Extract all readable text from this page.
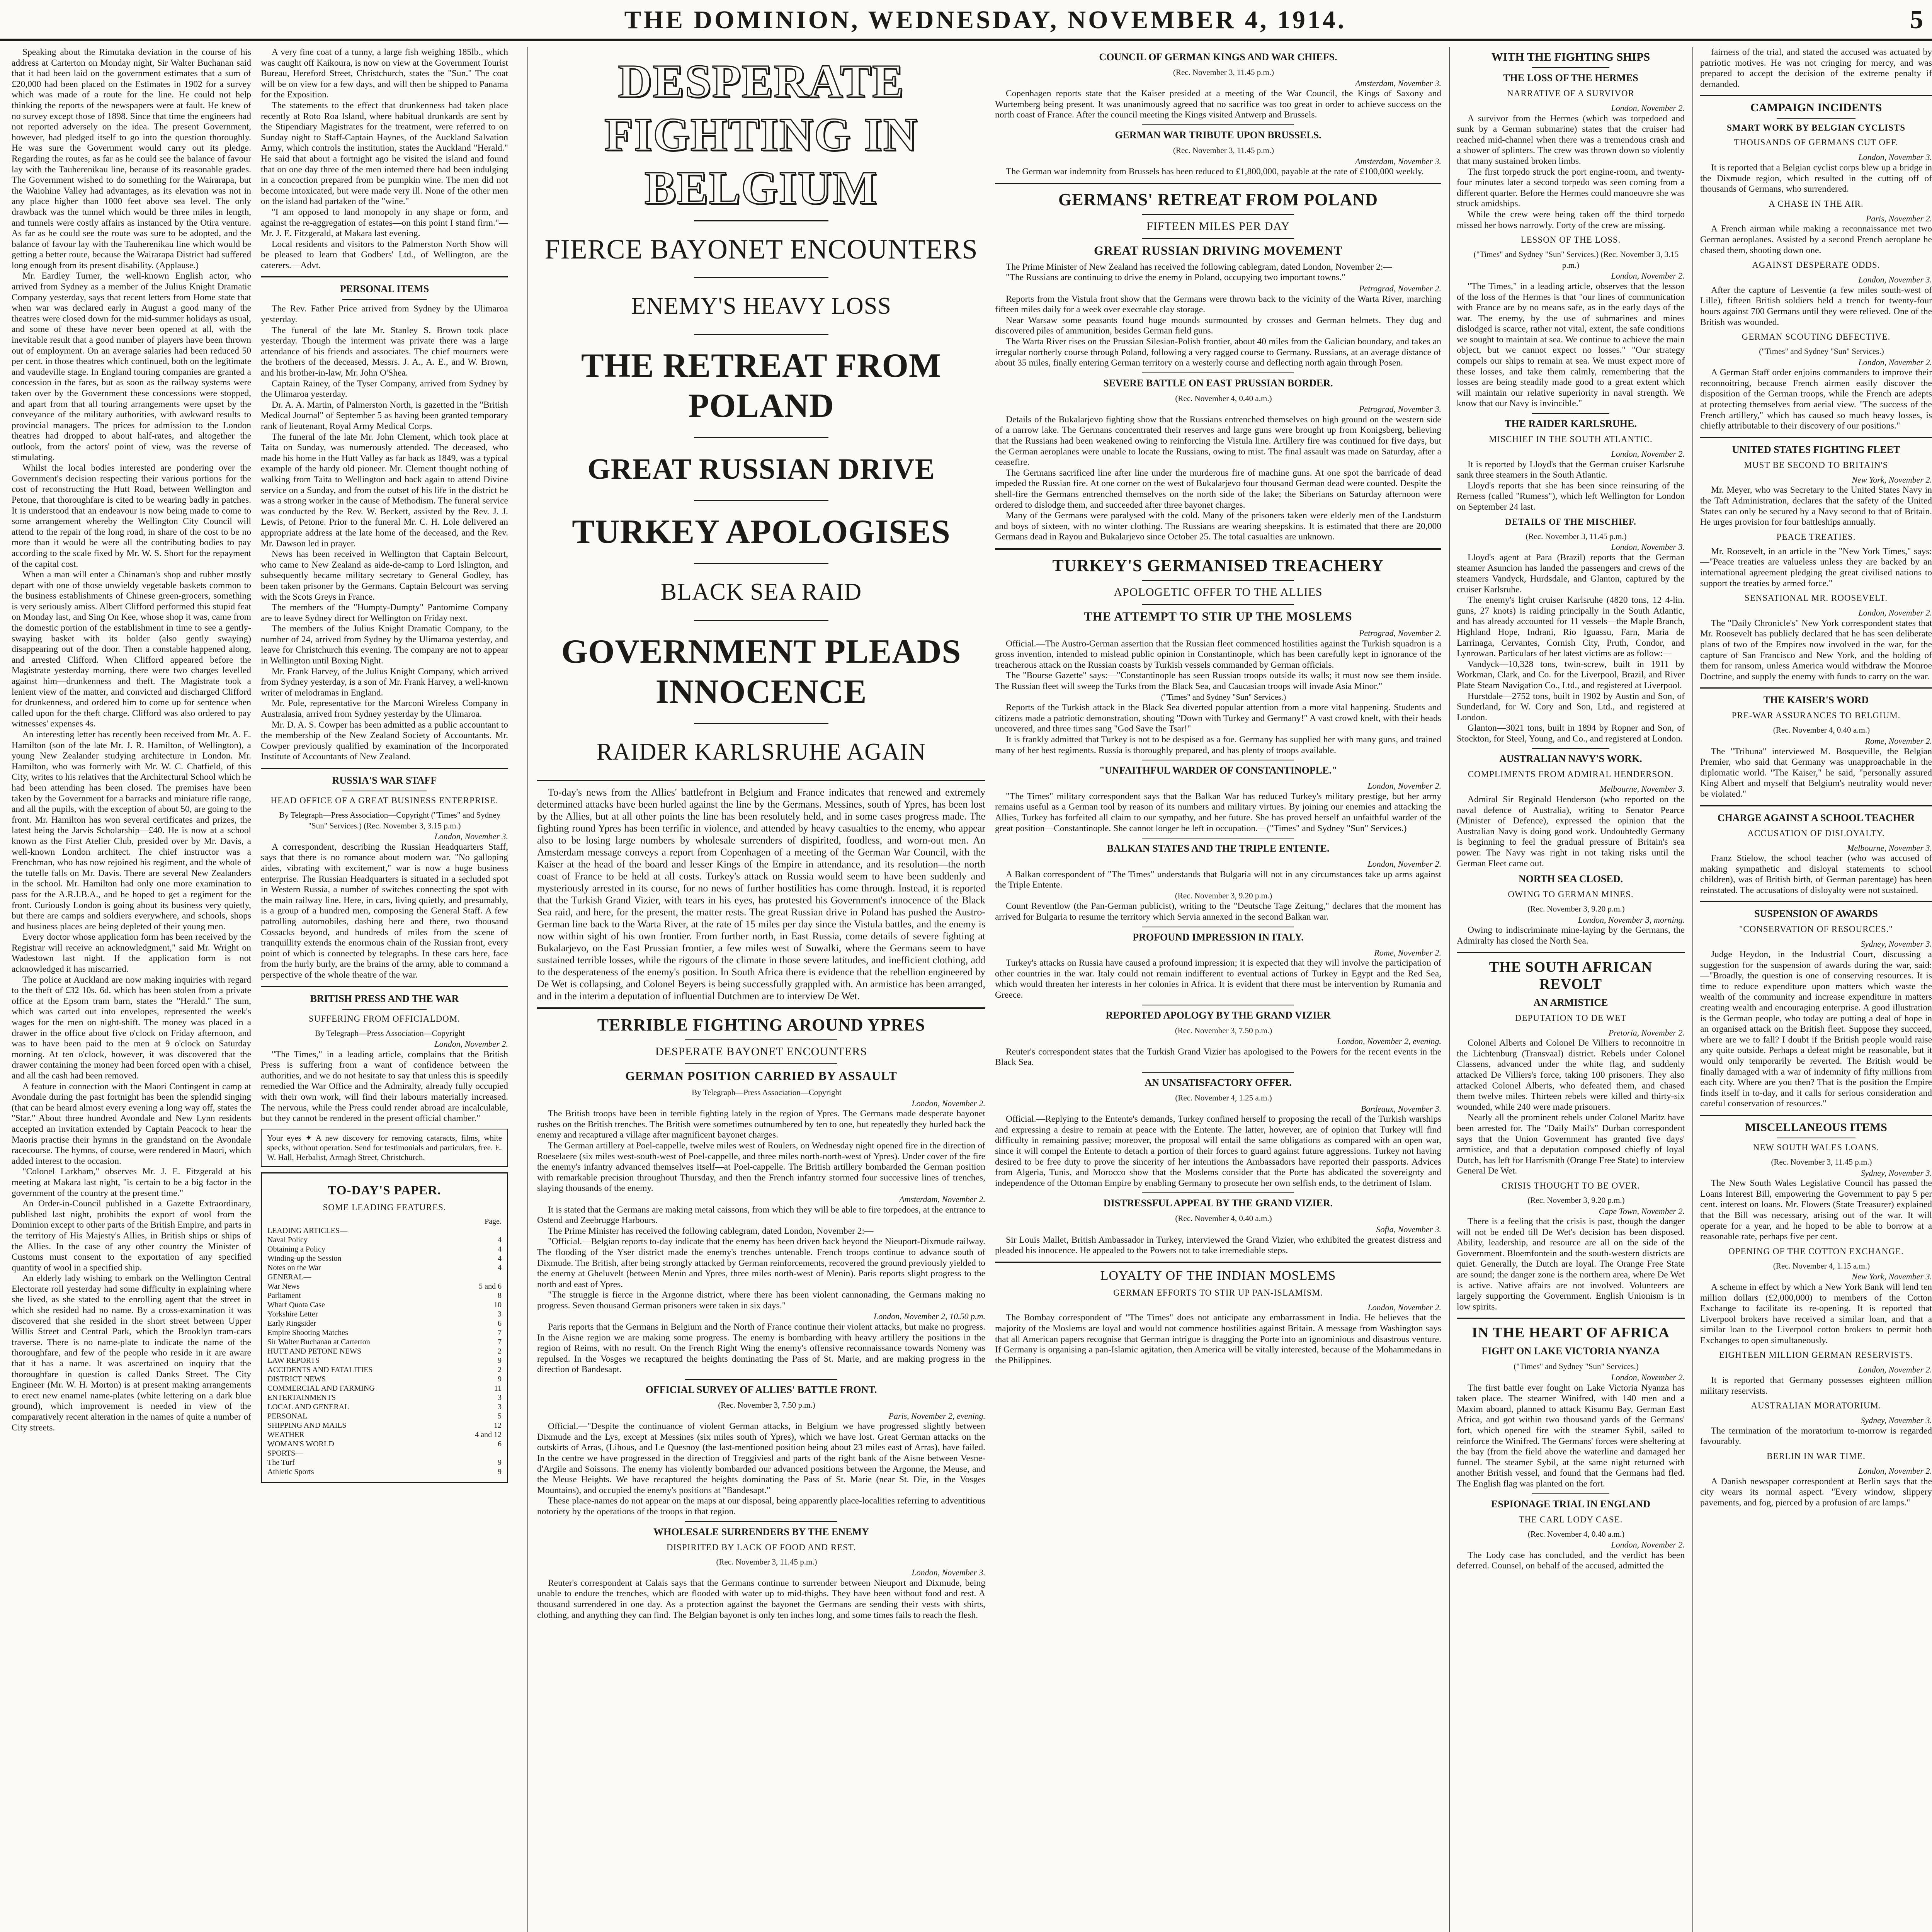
THE DOMINION, WEDNESDAY, NOVEMBER 4, 1914.	5

Speaking about the Rimutaka deviation in the course of his address at Carterton on Monday night, Sir Walter Buchanan said that it had been laid on the government estimates that a sum of £20,000 had been placed on the Estimates in 1902 for a survey which was made of a route for the line. He could not help thinking the reports of the newspapers were at fault. He knew of no survey except those of 1898. Since that time the engineers had not reported adversely on the idea. The present Government, however, had pledged itself to go into the question thoroughly. He was sure the Government would carry out its pledge. Regarding the routes, as far as he could see the balance of favour lay with the Tauherenikau line, because of its reasonable grades. The Government wished to do something for the Wairarapa, but the Waiohine Valley had advantages, as its elevation was not in any place higher than 1000 feet above sea level. The only drawback was the tunnel which would be three miles in length, and tunnels were costly affairs as instanced by the Otira venture. As far as he could see the route was sure to be adopted, and the balance of favour lay with the Tauherenikau line which would be getting a better route, because the Wairarapa District had suffered long enough from its present disability. (Applause.)

Mr. Eardley Turner, the well-known English actor, who arrived from Sydney as a member of the Julius Knight Dramatic Company yesterday, says that recent letters from Home state that when war was declared early in August a good many of the theatres were closed down for the mid-summer holidays as usual, and some of these have never been opened at all, with the inevitable result that a good number of players have been thrown out of employment. On an average salaries had been reduced 50 per cent. in those theatres which continued, both on the legitimate and vaudeville stage. In England touring companies are granted a concession in the fares, but as soon as the railway systems were taken over by the Government these concessions were stopped, and apart from that all touring arrangements were upset by the conveyance of the military authorities, with awkward results to provincial managers. The prices for admission to the London theatres had dropped to about half-rates, and altogether the outlook, from the actors' point of view, was the reverse of stimulating.

Whilst the local bodies interested are pondering over the Government's decision respecting their various portions for the cost of reconstructing the Hutt Road, between Wellington and Petone, that thoroughfare is cited to be wearing badly in patches. It is understood that an endeavour is now being made to come to some arrangement whereby the Wellington City Council will attend to the repair of the long road, in share of the cost to be no more than it would be were all the contributing bodies to pay according to the scale fixed by Mr. W. S. Short for the repayment of the capital cost.

When a man will enter a Chinaman's shop and rubber mostly depart with one of those unwieldy vegetable baskets common to the business establishments of Chinese green-grocers, something is very seriously amiss. Albert Clifford performed this stupid feat on Monday last, and Sing On Kee, whose shop it was, came from the domestic portion of the establishment in time to see a gently-swaying basket with its holder (also gently swaying) disappearing out of the door. Then a constable happened along, and arrested Clifford. When Clifford appeared before the Magistrate yesterday morning, there were two charges levelled against him—drunkenness and theft. The Magistrate took a lenient view of the matter, and convicted and discharged Clifford for drunkenness, and ordered him to come up for sentence when called upon for the theft charge. Clifford was also ordered to pay witnesses' expenses 4s.

An interesting letter has recently been received from Mr. A. E. Hamilton (son of the late Mr. J. R. Hamilton, of Wellington), a young New Zealander studying architecture in London. Mr. Hamilton, who was formerly with Mr. W. C. Chatfield, of this City, writes to his relatives that the Architectural School which he had been attending has been closed. The premises have been taken by the Government for a barracks and miniature rifle range, and all the pupils, with the exception of about 50, are going to the front. Mr. Hamilton has won several certificates and prizes, the latest being the Jarvis Scholarship—£40. He is now at a school known as the First Atelier Club, presided over by Mr. Davis, a well-known London architect. The chief instructor was a Frenchman, who has now rejoined his regiment, and the whole of the tutelle falls on Mr. Davis. There are several New Zealanders in the school. Mr. Hamilton had only one more examination to pass for the A.R.I.B.A., and he hoped to get a regiment for the front. Curiously London is going about its business very quietly, but there are camps and soldiers everywhere, and schools, shops and business places are being depleted of their young men.

Every doctor whose application form has been received by the Registrar will receive an acknowledgment," said Mr. Wright on Wadestown last night. If the application form is not acknowledged it has miscarried.

The police at Auckland are now making inquiries with regard to the theft of £32 10s. 6d. which has been stolen from a private office at the Epsom tram barn, states the "Herald." The sum, which was carted out into envelopes, represented the week's wages for the men on night-shift. The money was placed in a drawer in the office about five o'clock on Friday afternoon, and was to have been paid to the men at 9 o'clock on Saturday morning. At ten o'clock, however, it was discovered that the drawer containing the money had been forced open with a chisel, and all the cash had been removed.

A feature in connection with the Maori Contingent in camp at Avondale during the past fortnight has been the splendid singing (that can be heard almost every evening a long way off, states the "Star." About three hundred Avondale and New Lynn residents accepted an invitation extended by Captain Peacock to hear the Maoris practise their hymns in the grandstand on the Avondale racecourse. The hymns, of course, were rendered in Maori, which added interest to the occasion.

"Colonel Larkham," observes Mr. J. E. Fitzgerald at his meeting at Makara last night, "is certain to be a big factor in the government of the country at the present time."

An Order-in-Council published in a Gazette Extraordinary, published last night, prohibits the export of wool from the Dominion except to other parts of the British Empire, and parts in the territory of His Majesty's Allies, in British ships or ships of the Allies. In the case of any other country the Minister of Customs must consent to the exportation of any specified quantity of wool in a specified ship.

An elderly lady wishing to embark on the Wellington Central Electorate roll yesterday had some difficulty in explaining where she lived, as she stated to the enrolling agent that the street in which she resided had no name. By a cross-examination it was discovered that she resided in the short street between Upper Willis Street and Central Park, which the Brooklyn tram-cars traverse. There is no name-plate to indicate the name of the thoroughfare, and few of the people who reside in it are aware that it has a name. It was ascertained on inquiry that the thoroughfare in question is called Danks Street. The City Engineer (Mr. W. H. Morton) is at present making arrangements to erect new enamel name-plates (white lettering on a dark blue ground), which improvement is needed in view of the comparatively recent alteration in the names of quite a number of City streets.

A very fine coat of a tunny, a large fish weighing 185lb., which was caught off Kaikoura, is now on view at the Government Tourist Bureau, Hereford Street, Christchurch, states the "Sun." The coat will be on view for a few days, and will then be shipped to Panama for the Exposition.

The statements to the effect that drunkenness had taken place recently at Roto Roa Island, where habitual drunkards are sent by the Stipendiary Magistrates for the treatment, were referred to on Sunday night to Staff-Captain Haynes, of the Auckland Salvation Army, which controls the institution, states the Auckland "Herald." He said that about a fortnight ago he visited the island and found that on one day three of the men interned there had been indulging in a concoction prepared from be pumpkin wine. The men did not become intoxicated, but were made very ill. None of the other men on the island had partaken of the "wine."

"I am opposed to land monopoly in any shape or form, and against the re-aggregation of estates—on this point I stand firm."—Mr. J. E. Fitzgerald, at Makara last evening.

Local residents and visitors to the Palmerston North Show will be pleased to learn that Godbers' Ltd., of Wellington, are the caterers.—Advt.

PERSONAL ITEMS

The Rev. Father Price arrived from Sydney by the Ulimaroa yesterday.

The funeral of the late Mr. Stanley S. Brown took place yesterday. Though the interment was private there was a large attendance of his friends and associates. The chief mourners were the brothers of the deceased, Messrs. J. A., A. E., and W. Brown, and his brother-in-law, Mr. John O'Shea.

Captain Rainey, of the Tyser Company, arrived from Sydney by the Ulimaroa yesterday.

Dr. A. A. Martin, of Palmerston North, is gazetted in the "British Medical Journal" of September 5 as having been granted temporary rank of lieutenant, Royal Army Medical Corps.

The funeral of the late Mr. John Clement, which took place at Taita on Sunday, was numerously attended. The deceased, who made his home in the Hutt Valley as far back as 1849, was a typical example of the hardy old pioneer. Mr. Clement thought nothing of walking from Taita to Wellington and back again to attend Divine service on a Sunday, and from the outset of his life in the district he was a strong worker in the cause of Methodism. The funeral service was conducted by the Rev. W. Beckett, assisted by the Rev. J. J. Lewis, of Petone. Prior to the funeral Mr. C. H. Lole delivered an appropriate address at the late home of the deceased, and the Rev. Mr. Dawson led in prayer.

News has been received in Wellington that Captain Belcourt, who came to New Zealand as aide-de-camp to Lord Islington, and subsequently became military secretary to General Godley, has been taken prisoner by the Germans. Captain Belcourt was serving with the Scots Greys in France.

The members of the "Humpty-Dumpty" Pantomime Company are to leave Sydney direct for Wellington on Friday next.

The members of the Julius Knight Dramatic Company, to the number of 24, arrived from Sydney by the Ulimaroa yesterday, and leave for Christchurch this evening. The company are not to appear in Wellington until Boxing Night.

Mr. Frank Harvey, of the Julius Knight Company, which arrived from Sydney yesterday, is a son of Mr. Frank Harvey, a well-known writer of melodramas in England.

Mr. Pole, representative for the Marconi Wireless Company in Australasia, arrived from Sydney yesterday by the Ulimaroa.

Mr. D. A. S. Cowper has been admitted as a public accountant to the membership of the New Zealand Society of Accountants. Mr. Cowper previously qualified by examination of the Incorporated Institute of Accountants of New Zealand.

RUSSIA'S WAR STAFF
HEAD OFFICE OF A GREAT BUSINESS ENTERPRISE.

By Telegraph—Press Association—Copyright ("Times" and Sydney "Sun" Services.) (Rec. November 3, 3.15 p.m.)

London, November 3.

A correspondent, describing the Russian Headquarters Staff, says that there is no romance about modern war. "No galloping aides, vibrating with excitement," war is now a huge business enterprise. The Russian Headquarters is situated in a secluded spot in Western Russia, a number of switches connecting the spot with the main railway line. Here, in cars, living quietly, and presumably, is a group of a hundred men, composing the General Staff. A few patrolling automobiles, dashing here and there, two thousand Cossacks beyond, and hundreds of miles from the scene of tranquillity extends the enormous chain of the Russian front, every point of which is connected by telegraphs. In these cars here, face from the hurly burly, are the brains of the army, able to command a perspective of the whole theatre of the war.

BRITISH PRESS AND THE WAR
SUFFERING FROM OFFICIALDOM.

By Telegraph—Press Association—Copyright

London, November 2.

"The Times," in a leading article, complains that the British Press is suffering from a want of confidence between the authorities, and we do not hesitate to say that unless this is speedily remedied the War Office and the Admiralty, already fully occupied with their own work, will find their labours materially increased. The nervous, while the Press could render abroad are incalculable, but they cannot be rendered in the present official chamber."

Your eyes ✦ A new discovery for removing cataracts, films, white specks, without operation. Send for testimonials and particulars, free. E. W. Hall, Herbalist, Armagh Street, Christchurch.
TO-DAY'S PAPER.
SOME LEADING FEATURES.
Page.
LEADING ARTICLES—
Naval Policy	4
Obtaining a Policy	4
Winding-up the Session	4
Notes on the War	4
GENERAL—
War News	5 and 6
Parliament	8
Wharf Quota Case	10
Yorkshire Letter	3
Early Ringsider	6
Empire Shooting Matches	7
Sir Walter Buchanan at Carterton	7
HUTT AND PETONE NEWS	2
LAW REPORTS	9
ACCIDENTS AND FATALITIES	2
DISTRICT NEWS	9
COMMERCIAL AND FARMING	11
ENTERTAINMENTS	3
LOCAL AND GENERAL	3
PERSONAL	5
SHIPPING AND MAILS	12
WEATHER	4 and 12
WOMAN'S WORLD	6
SPORTS—
The Turf	9
Athletic Sports	9
DESPERATE FIGHTING IN BELGIUM
FIERCE BAYONET ENCOUNTERS
ENEMY'S HEAVY LOSS
THE RETREAT FROM POLAND
GREAT RUSSIAN DRIVE
TURKEY APOLOGISES
BLACK SEA RAID
GOVERNMENT PLEADS INNOCENCE
RAIDER KARLSRUHE AGAIN

To-day's news from the Allies' battlefront in Belgium and France indicates that renewed and extremely determined attacks have been hurled against the line by the Germans. Messines, south of Ypres, has been lost by the Allies, but at all other points the line has been resolutely held, and in some cases progress made. The fighting round Ypres has been terrific in violence, and attended by heavy casualties to the enemy, who appear also to be losing large numbers by wholesale surrenders of dispirited, foodless, and worn-out men. An Amsterdam message conveys a report from Copenhagen of a meeting of the German War Council, with the Kaiser at the head of the board and lesser Kings of the Empire in attendance, and its resolution—the north coast of France to be held at all costs. Turkey's attack on Russia would seem to have been suddenly and mysteriously arrested in its course, for no news of further hostilities has come through. Instead, it is reported that the Turkish Grand Vizier, with tears in his eyes, has protested his Government's innocence of the Black Sea raid, and here, for the present, the matter rests. The great Russian drive in Poland has pushed the Austro-German line back to the Warta River, at the rate of 15 miles per day since the Vistula battles, and the enemy is now within sight of his own frontier. From further north, in East Russia, come details of severe fighting at Bukalarjevo, on the East Prussian frontier, a few miles west of Suwalki, where the Germans seem to have sustained terrible losses, while the rigours of the climate in those severe latitudes, and inefficient clothing, add to the desperateness of the enemy's position. In South Africa there is evidence that the rebellion engineered by De Wet is collapsing, and Colonel Beyers is being successfully grappled with. An armistice has been arranged, and in the interim a deputation of influential Dutchmen are to interview De Wet.

TERRIBLE FIGHTING AROUND YPRES
DESPERATE BAYONET ENCOUNTERS
GERMAN POSITION CARRIED BY ASSAULT

By Telegraph—Press Association—Copyright

London, November 2.

The British troops have been in terrible fighting lately in the region of Ypres. The Germans made desperate bayonet rushes on the British trenches. The British were sometimes outnumbered by ten to one, but repeatedly they hurled back the enemy and recaptured a village after magnificent bayonet charges.

The German artillery at Poel-cappelle, twelve miles west of Roulers, on Wednesday night opened fire in the direction of Roeselaere (six miles west-south-west of Poel-cappelle, and three miles north-north-west of Ypres). Under cover of the fire the enemy's infantry advanced themselves itself—at Poel-cappelle. The British artillery bombarded the German position with remarkable precision throughout Thursday, and then the French infantry stormed four successive lines of trenches, slaying thousands of the enemy.

Amsterdam, November 2.

It is stated that the Germans are making metal caissons, from which they will be able to fire torpedoes, at the entrance to Ostend and Zeebrugge Harbours.

The Prime Minister has received the following cablegram, dated London, November 2:—

"Official.—Belgian reports to-day indicate that the enemy has been driven back beyond the Nieuport-Dixmude railway. The flooding of the Yser district made the enemy's trenches untenable. French troops continue to advance south of Dixmude. The British, after being strongly attacked by German reinforcements, recovered the ground previously yielded to the enemy at Gheluvelt (between Menin and Ypres, three miles north-west of Menin). Paris reports slight progress to the north and east of Ypres.

"The struggle is fierce in the Argonne district, where there has been violent cannonading, the Germans making no progress. Seven thousand German prisoners were taken in six days."

London, November 2, 10.50 p.m.

Paris reports that the Germans in Belgium and the North of France continue their violent attacks, but make no progress. In the Aisne region we are making some progress. The enemy is bombarding with heavy artillery the positions in the region of Reims, with no result. On the French Right Wing the enemy's offensive reconnaissance towards Nomeny was repulsed. In the Vosges we recaptured the heights dominating the Pass of St. Marie, and are making progress in the direction of Bandesapt.

OFFICIAL SURVEY OF ALLIES' BATTLE FRONT.

(Rec. November 3, 7.50 p.m.)

Paris, November 2, evening.

Official.—"Despite the continuance of violent German attacks, in Belgium we have progressed slightly between Dixmude and the Lys, except at Messines (six miles south of Ypres), which we have lost. Great German attacks on the outskirts of Arras, (Lihous, and Le Quesnoy (the last-mentioned position being about 23 miles east of Arras), have failed. In the centre we have progressed in the direction of Treggiviesl and parts of the right bank of the Aisne between Vesne-d'Argile and Soissons. The enemy has violently bombarded our advanced positions between the Argonne, the Meuse, and the Meuse Heights. We have recaptured the heights dominating the Pass of St. Marie (near St. Die, in the Vosges Mountains), and occupied the enemy's positions at "Bandesapt."

These place-names do not appear on the maps at our disposal, being apparently place-localities referring to adventitious notoriety by the operations of the troops in that region.

WHOLESALE SURRENDERS BY THE ENEMY
DISPIRITED BY LACK OF FOOD AND REST.

(Rec. November 3, 11.45 p.m.)

London, November 3.

Reuter's correspondent at Calais says that the Germans continue to surrender between Nieuport and Dixmude, being unable to endure the trenches, which are flooded with water up to mid-thighs. They have been without food and rest. A thousand surrendered in one day. As a protection against the bayonet the Germans are sending their vests with shirts, clothing, and anything they can find. The Belgian bayonet is only ten inches long, and some times fails to reach the flesh.

COUNCIL OF GERMAN KINGS AND WAR CHIEFS.

(Rec. November 3, 11.45 p.m.)

Amsterdam, November 3.

Copenhagen reports state that the Kaiser presided at a meeting of the War Council, the Kings of Saxony and Wurtemberg being present. It was unanimously agreed that no sacrifice was too great in order to achieve success on the north coast of France. After the council meeting the Kings visited Antwerp and Brussels.

GERMAN WAR TRIBUTE UPON BRUSSELS.

(Rec. November 3, 11.45 p.m.)

Amsterdam, November 3.

The German war indemnity from Brussels has been reduced to £1,800,000, payable at the rate of £100,000 weekly.

GERMANS' RETREAT FROM POLAND
FIFTEEN MILES PER DAY
GREAT RUSSIAN DRIVING MOVEMENT

The Prime Minister of New Zealand has received the following cablegram, dated London, November 2:—

"The Russians are continuing to drive the enemy in Poland, occupying two important towns."

Petrograd, November 2.

Reports from the Vistula front show that the Germans were thrown back to the vicinity of the Warta River, marching fifteen miles daily for a week over execrable clay storage.

Near Warsaw some peasants found huge mounds surmounted by crosses and German helmets. They dug and discovered piles of ammunition, besides German field guns.

The Warta River rises on the Prussian Silesian-Polish frontier, about 40 miles from the Galician boundary, and takes an irregular northerly course through Poland, following a very ragged course to Germany. Russians, at an average distance of about 35 miles, finally entering German territory on a westerly course and deflecting north again through Posen.

SEVERE BATTLE ON EAST PRUSSIAN BORDER.

(Rec. November 4, 0.40 a.m.)

Petrograd, November 3.

Details of the Bukalarjevo fighting show that the Russians entrenched themselves on high ground on the western side of a narrow lake. The Germans concentrated their reserves and large guns were brought up from Konigsberg, believing that the Russians had been weakened owing to reinforcing the Vistula line. Artillery fire was continued for five days, but the German aeroplanes were unable to locate the Russians, owing to mist. The final assault was made on Saturday, after a ceasefire.

The Germans sacrificed line after line under the murderous fire of machine guns. At one spot the barricade of dead impeded the Russian fire. At one corner on the west of Bukalarjevo four thousand German dead were counted. Despite the shell-fire the Germans entrenched themselves on the north side of the lake; the Siberians on Saturday afternoon were ordered to dislodge them, and succeeded after three bayonet charges.

Many of the Germans were paralysed with the cold. Many of the prisoners taken were elderly men of the Landsturm and boys of sixteen, with no winter clothing. The Russians are wearing sheepskins. It is estimated that there are 20,000 Germans dead in Rayou and Bukalarjevo since October 25. The total casualties are unknown.

TURKEY'S GERMANISED TREACHERY
APOLOGETIC OFFER TO THE ALLIES
THE ATTEMPT TO STIR UP THE MOSLEMS

Petrograd, November 2.

Official.—The Austro-German assertion that the Russian fleet commenced hostilities against the Turkish squadron is a gross invention, intended to mislead public opinion in Constantinople, which has been carefully kept in ignorance of the treacherous attack on the Russian coasts by Turkish vessels commanded by German officials.

The "Bourse Gazette" says:—"Constantinople has seen Russian troops outside its walls; it must now see them inside. The Russian fleet will sweep the Turks from the Black Sea, and Caucasian troops will invade Asia Minor."

("Times" and Sydney "Sun" Services.)

Reports of the Turkish attack in the Black Sea diverted popular attention from a more vital happening. Students and citizens made a patriotic demonstration, shouting "Down with Turkey and Germany!" A vast crowd knelt, with their heads uncovered, and three times sang "God Save the Tsar!"

It is frankly admitted that Turkey is not to be despised as a foe. Germany has supplied her with many guns, and trained many of her best regiments. Russia is thoroughly prepared, and has plenty of troops available.

"UNFAITHFUL WARDER OF CONSTANTINOPLE."

London, November 2.

"The Times" military correspondent says that the Balkan War has reduced Turkey's military prestige, but her army remains useful as a German tool by reason of its numbers and military virtues. By joining our enemies and attacking the Allies, Turkey has forfeited all claim to our sympathy, and her future. She has proved herself an unfaithful warder of the great position—Constantinople. She cannot longer be left in occupation.—("Times" and Sydney "Sun" Services.)

BALKAN STATES AND THE TRIPLE ENTENTE.

London, November 2.

A Balkan correspondent of "The Times" understands that Bulgaria will not in any circumstances take up arms against the Triple Entente.

(Rec. November 3, 9.20 p.m.)

Count Reventlow (the Pan-German publicist), writing to the "Deutsche Tage Zeitung," declares that the moment has arrived for Bulgaria to resume the territory which Servia annexed in the second Balkan war.

PROFOUND IMPRESSION IN ITALY.

Rome, November 2.

Turkey's attacks on Russia have caused a profound impression; it is expected that they will involve the participation of other countries in the war. Italy could not remain indifferent to eventual actions of Turkey in Egypt and the Red Sea, which would threaten her interests in her colonies in Africa. It is evident that there must be intervention by Rumania and Greece.

REPORTED APOLOGY BY THE GRAND VIZIER

(Rec. November 3, 7.50 p.m.)

London, November 2, evening.

Reuter's correspondent states that the Turkish Grand Vizier has apologised to the Powers for the recent events in the Black Sea.

AN UNSATISFACTORY OFFER.

(Rec. November 4, 1.25 a.m.)

Bordeaux, November 3.

Official.—Replying to the Entente's demands, Turkey confined herself to proposing the recall of the Turkish warships and expressing a desire to remain at peace with the Entente. The latter, however, are of opinion that Turkey will find difficulty in remaining passive; moreover, the proposal will entail the same obligations as compared with an open war, since it will compel the Entente to detach a portion of their forces to guard against future aggressions. Turkey not having desired to be free duty to prove the sincerity of her intentions the Ambassadors have reported their passports. Advices from Algeria, Tunis, and Morocco show that the Moslems consider that the Porte has abdicated the sovereignty and independence of the Ottoman Empire by enabling Germany to prosecute her own selfish ends, to the detriment of Islam.

DISTRESSFUL APPEAL BY THE GRAND VIZIER.

(Rec. November 4, 0.40 a.m.)

Sofia, November 3.

Sir Louis Mallet, British Ambassador in Turkey, interviewed the Grand Vizier, who exhibited the greatest distress and pleaded his innocence. He appealed to the Powers not to take irremediable steps.

LOYALTY OF THE INDIAN MOSLEMS
GERMAN EFFORTS TO STIR UP PAN-ISLAMISM.

London, November 2.

The Bombay correspondent of "The Times" does not anticipate any embarrassment in India. He believes that the majority of the Moslems are loyal and would not commence hostilities against Britain. A message from Washington says that all American papers recognise that German intrigue is dragging the Porte into an ignominious and disastrous venture. If Germany is organising a pan-Islamic agitation, then America will be vitally interested, because of the Mohammedans in the Philippines.

WITH THE FIGHTING SHIPS
THE LOSS OF THE HERMES
NARRATIVE OF A SURVIVOR

London, November 2.

A survivor from the Hermes (which was torpedoed and sunk by a German submarine) states that the cruiser had reached mid-channel when there was a tremendous crash and a shower of splinters. The crew was thrown down so violently that many sustained broken limbs.

The first torpedo struck the port engine-room, and twenty-four minutes later a second torpedo was seen coming from a different quarter. Before the Hermes could manoeuvre she was struck amidships.

While the crew were being taken off the third torpedo missed her bows narrowly. Forty of the crew are missing.

LESSON OF THE LOSS.

("Times" and Sydney "Sun" Services.) (Rec. November 3, 3.15 p.m.)

London, November 2.

"The Times," in a leading article, observes that the lesson of the loss of the Hermes is that "our lines of communication with France are by no means safe, as in the early days of the war. The enemy, by the use of submarines and mines dislodged is scarce, rather not vital, extent, the safe conditions we sought to maintain at sea. We continue to achieve the main object, but we cannot expect no losses." "Our strategy compels our ships to remain at sea. We must expect more of these losses, and take them calmly, remembering that the losses are being steadily made good to a great extent which will maintain our relative superiority in naval strength. We know that our Navy is invincible."

THE RAIDER KARLSRUHE.
MISCHIEF IN THE SOUTH ATLANTIC.

London, November 2.

It is reported by Lloyd's that the German cruiser Karlsruhe sank three steamers in the South Atlantic.

Lloyd's reports that she has been since reinsuring of the Rerness (called "Rumess"), which left Wellington for London on September 24 last.

DETAILS OF THE MISCHIEF.

(Rec. November 3, 11.45 p.m.)

London, November 3.

Lloyd's agent at Para (Brazil) reports that the German steamer Asuncion has landed the passengers and crews of the steamers Vandyck, Hurdsdale, and Glanton, captured by the cruiser Karlsruhe.

The enemy's light cruiser Karlsruhe (4820 tons, 12 4-lin. guns, 27 knots) is raiding principally in the South Atlantic, and has already accounted for 11 vessels—the Maple Branch, Highland Hope, Indrani, Rio Iguassu, Farn, Maria de Larrinaga, Cervantes, Cornish City, Pruth, Condor, and Lynrowan. Particulars of her latest victims are as follow:—

Vandyck—10,328 tons, twin-screw, built in 1911 by Workman, Clark, and Co. for the Liverpool, Brazil, and River Plate Steam Navigation Co., Ltd., and registered at Liverpool.

Hurstdale—2752 tons, built in 1902 by Austin and Son, of Sunderland, for W. Cory and Son, Ltd., and registered at London.

Glanton—3021 tons, built in 1894 by Ropner and Son, of Stockton, for Steel, Young, and Co., and registered at London.

AUSTRALIAN NAVY'S WORK.
COMPLIMENTS FROM ADMIRAL HENDERSON.

Melbourne, November 3.

Admiral Sir Reginald Henderson (who reported on the naval defence of Australia), writing to Senator Pearce (Minister of Defence), expressed the opinion that the Australian Navy is doing good work. Undoubtedly Germany is beginning to feel the gradual pressure of Britain's sea power. The Navy was right in not taking risks until the German Fleet came out.

NORTH SEA CLOSED.
OWING TO GERMAN MINES.

(Rec. November 3, 9.20 p.m.)

London, November 3, morning.

Owing to indiscriminate mine-laying by the Germans, the Admiralty has closed the North Sea.

THE SOUTH AFRICAN REVOLT
AN ARMISTICE
DEPUTATION TO DE WET

Pretoria, November 2.

Colonel Alberts and Colonel De Villiers to reconnoitre in the Lichtenburg (Transvaal) district. Rebels under Colonel Classens, advanced under the white flag, and suddenly attacked De Villiers's force, taking 100 prisoners. They also attacked Colonel Alberts, who defeated them, and chased them twelve miles. Thirteen rebels were killed and thirty-six wounded, while 240 were made prisoners.

Nearly all the prominent rebels under Colonel Maritz have been arrested for. The "Daily Mail's" Durban correspondent says that the Union Government has granted five days' armistice, and that a deputation composed chiefly of loyal Dutch, has left for Harrismith (Orange Free State) to interview General De Wet.

CRISIS THOUGHT TO BE OVER.

(Rec. November 3, 9.20 p.m.)

Cape Town, November 2.

There is a feeling that the crisis is past, though the danger will not be ended till De Wet's decision has been disposed. Ability, leadership, and resource are all on the side of the Government. Bloemfontein and the south-western districts are quiet. Generally, the Dutch are loyal. The Orange Free State are sound; the danger zone is the northern area, where De Wet is active. Native affairs are not involved. Volunteers are largely supporting the Government. English Unionism is in low spirits.

IN THE HEART OF AFRICA
FIGHT ON LAKE VICTORIA NYANZA

("Times" and Sydney "Sun" Services.)

London, November 2.

The first battle ever fought on Lake Victoria Nyanza has taken place. The steamer Winifred, with 140 men and a Maxim aboard, planned to attack Kisumu Bay, German East Africa, and got within two thousand yards of the Germans' fort, which opened fire with the steamer Sybil, sailed to reinforce the Winifred. The Germans' forces were sheltering at the bay (from the field above the waterline and damaged her funnel. The steamer Sybil, at the same night returned with another British vessel, and found that the Germans had fled. The English flag was planted on the fort.

ESPIONAGE TRIAL IN ENGLAND
THE CARL LODY CASE.

(Rec. November 4, 0.40 a.m.)

London, November 2.

The Lody case has concluded, and the verdict has been deferred. Counsel, on behalf of the accused, admitted the

fairness of the trial, and stated the accused was actuated by patriotic motives. He was not cringing for mercy, and was prepared to accept the decision of the extreme penalty if demanded.

CAMPAIGN INCIDENTS
SMART WORK BY BELGIAN CYCLISTS
THOUSANDS OF GERMANS CUT OFF.

London, November 3.

It is reported that a Belgian cyclist corps blew up a bridge in the Dixmude region, which resulted in the cutting off of thousands of Germans, who surrendered.

A CHASE IN THE AIR.

Paris, November 2.

A French airman while making a reconnaissance met two German aeroplanes. Assisted by a second French aeroplane he chased them, shooting down one.

AGAINST DESPERATE ODDS.

London, November 3.

After the capture of Lesventie (a few miles south-west of Lille), fifteen British soldiers held a trench for twenty-four hours against 700 Germans until they were relieved. One of the British was wounded.

GERMAN SCOUTING DEFECTIVE.

("Times" and Sydney "Sun" Services.)

London, November 2.

A German Staff order enjoins commanders to improve their reconnoitring, because French airmen easily discover the disposition of the German troops, while the French are adepts at protecting themselves from aerial view. "The success of the French artillery," which has caused so much heavy losses, is chiefly attributable to their discovery of our positions."

UNITED STATES FIGHTING FLEET
MUST BE SECOND TO BRITAIN'S

New York, November 2.

Mr. Meyer, who was Secretary to the United States Navy in the Taft Administration, declares that the safety of the United States can only be secured by a Navy second to that of Britain. He urges provision for four battleships annually.

PEACE TREATIES.

Mr. Roosevelt, in an article in the "New York Times," says:—"Peace treaties are valueless unless they are backed by an international agreement pledging the great civilised nations to support the treaties by armed force."

SENSATIONAL MR. ROOSEVELT.

London, November 2.

The "Daily Chronicle's" New York correspondent states that Mr. Roosevelt has publicly declared that he has seen deliberate plans of two of the Empires now involved in the war, for the capture of San Francisco and New York, and the holding of them for ransom, unless America would withdraw the Monroe Doctrine, and supply the enemy with funds to carry on the war.

THE KAISER'S WORD
PRE-WAR ASSURANCES TO BELGIUM.

(Rec. November 4, 0.40 a.m.)

Rome, November 2.

The "Tribuna" interviewed M. Bosqueville, the Belgian Premier, who said that Germany was unapproachable in the diplomatic world. "The Kaiser," he said, "personally assured King Albert and myself that Belgium's neutrality would never be violated."

CHARGE AGAINST A SCHOOL TEACHER
ACCUSATION OF DISLOYALTY.

Melbourne, November 3.

Franz Stielow, the school teacher (who was accused of making sympathetic and disloyal statements to school children), was of British birth, of German parentage) has been reinstated. The accusations of disloyalty were not sustained.

SUSPENSION OF AWARDS
"CONSERVATION OF RESOURCES."

Sydney, November 3.

Judge Heydon, in the Industrial Court, discussing a suggestion for the suspension of awards during the war, said:—"Broadly, the question is one of conserving resources. It is time to reduce expenditure upon matters which waste the wealth of the community and increase expenditure in matters creating wealth and encouraging enterprise. A good illustration is the German people, who today are putting a deal of hope in an organised attack on the British fleet. Suppose they succeed, where are we to fall? I doubt if the British people would raise any quite outside. Perhaps a defeat might be reasonable, but it would only temporarily be reverted. The British would be finally damaged with a war of indemnity of fifty millions from each city. Where are you then? That is the position the Empire finds itself in to-day, and it calls for serious consideration and careful conservation of resources."

MISCELLANEOUS ITEMS
NEW SOUTH WALES LOANS.

(Rec. November 3, 11.45 p.m.)

Sydney, November 3.

The New South Wales Legislative Council has passed the Loans Interest Bill, empowering the Government to pay 5 per cent. interest on loans. Mr. Flowers (State Treasurer) explained that the Bill was necessary, arising out of the war. It will operate for a year, and he hoped to be able to borrow at a reasonable rate, perhaps five per cent.

OPENING OF THE COTTON EXCHANGE.

(Rec. November 4, 1.15 a.m.)

New York, November 3.

A scheme in effect by which a New York Bank will lend ten million dollars (£2,000,000) to members of the Cotton Exchange to facilitate its re-opening. It is reported that Liverpool brokers have received a similar loan, and that a similar loan to the Liverpool cotton brokers to permit both Exchanges to open simultaneously.

EIGHTEEN MILLION GERMAN RESERVISTS.

London, November 2.

It is reported that Germany possesses eighteen million military reservists.

AUSTRALIAN MORATORIUM.

Sydney, November 3.

The termination of the moratorium to-morrow is regarded favourably.

BERLIN IN WAR TIME.

London, November 2.

A Danish newspaper correspondent at Berlin says that the city wears its normal aspect. "Every window, slippery pavements, and fog, pierced by a profusion of arc lamps."
